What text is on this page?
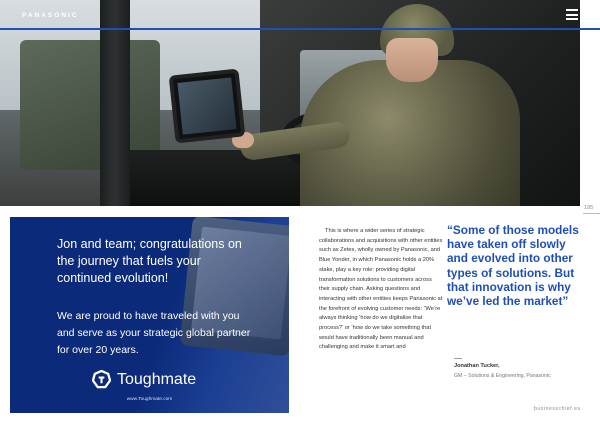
PANASONIC
195
Jon and team; congratulations on the journey that fuels your continued evolution!
We are proud to have traveled with you and serve as your strategic global partner for over 20 years.
Toughmate
www.Toughmate.com

This is where a wider series of strategic collaborations and acquisitions with other entities such as Zetes, wholly owned by Panasonic, and Blue Yonder, in which Panasonic holds a 20% stake, play a key role: providing digital transformation solutions to customers across their supply chain. Asking questions and interacting with other entities keeps Panasonic at the forefront of evolving customer needs: “We’re always thinking ‘how do we digitalise that process?’ or ‘how do we take something that would have traditionally been manual and challenging and make it smart and

“Some of those models have taken off slowly and evolved into other types of solutions. But that innovation is why we’ve led the market”
Jonathan Tucker,
GM – Solutions & Engineering, Panasonic
businesschief.eu
